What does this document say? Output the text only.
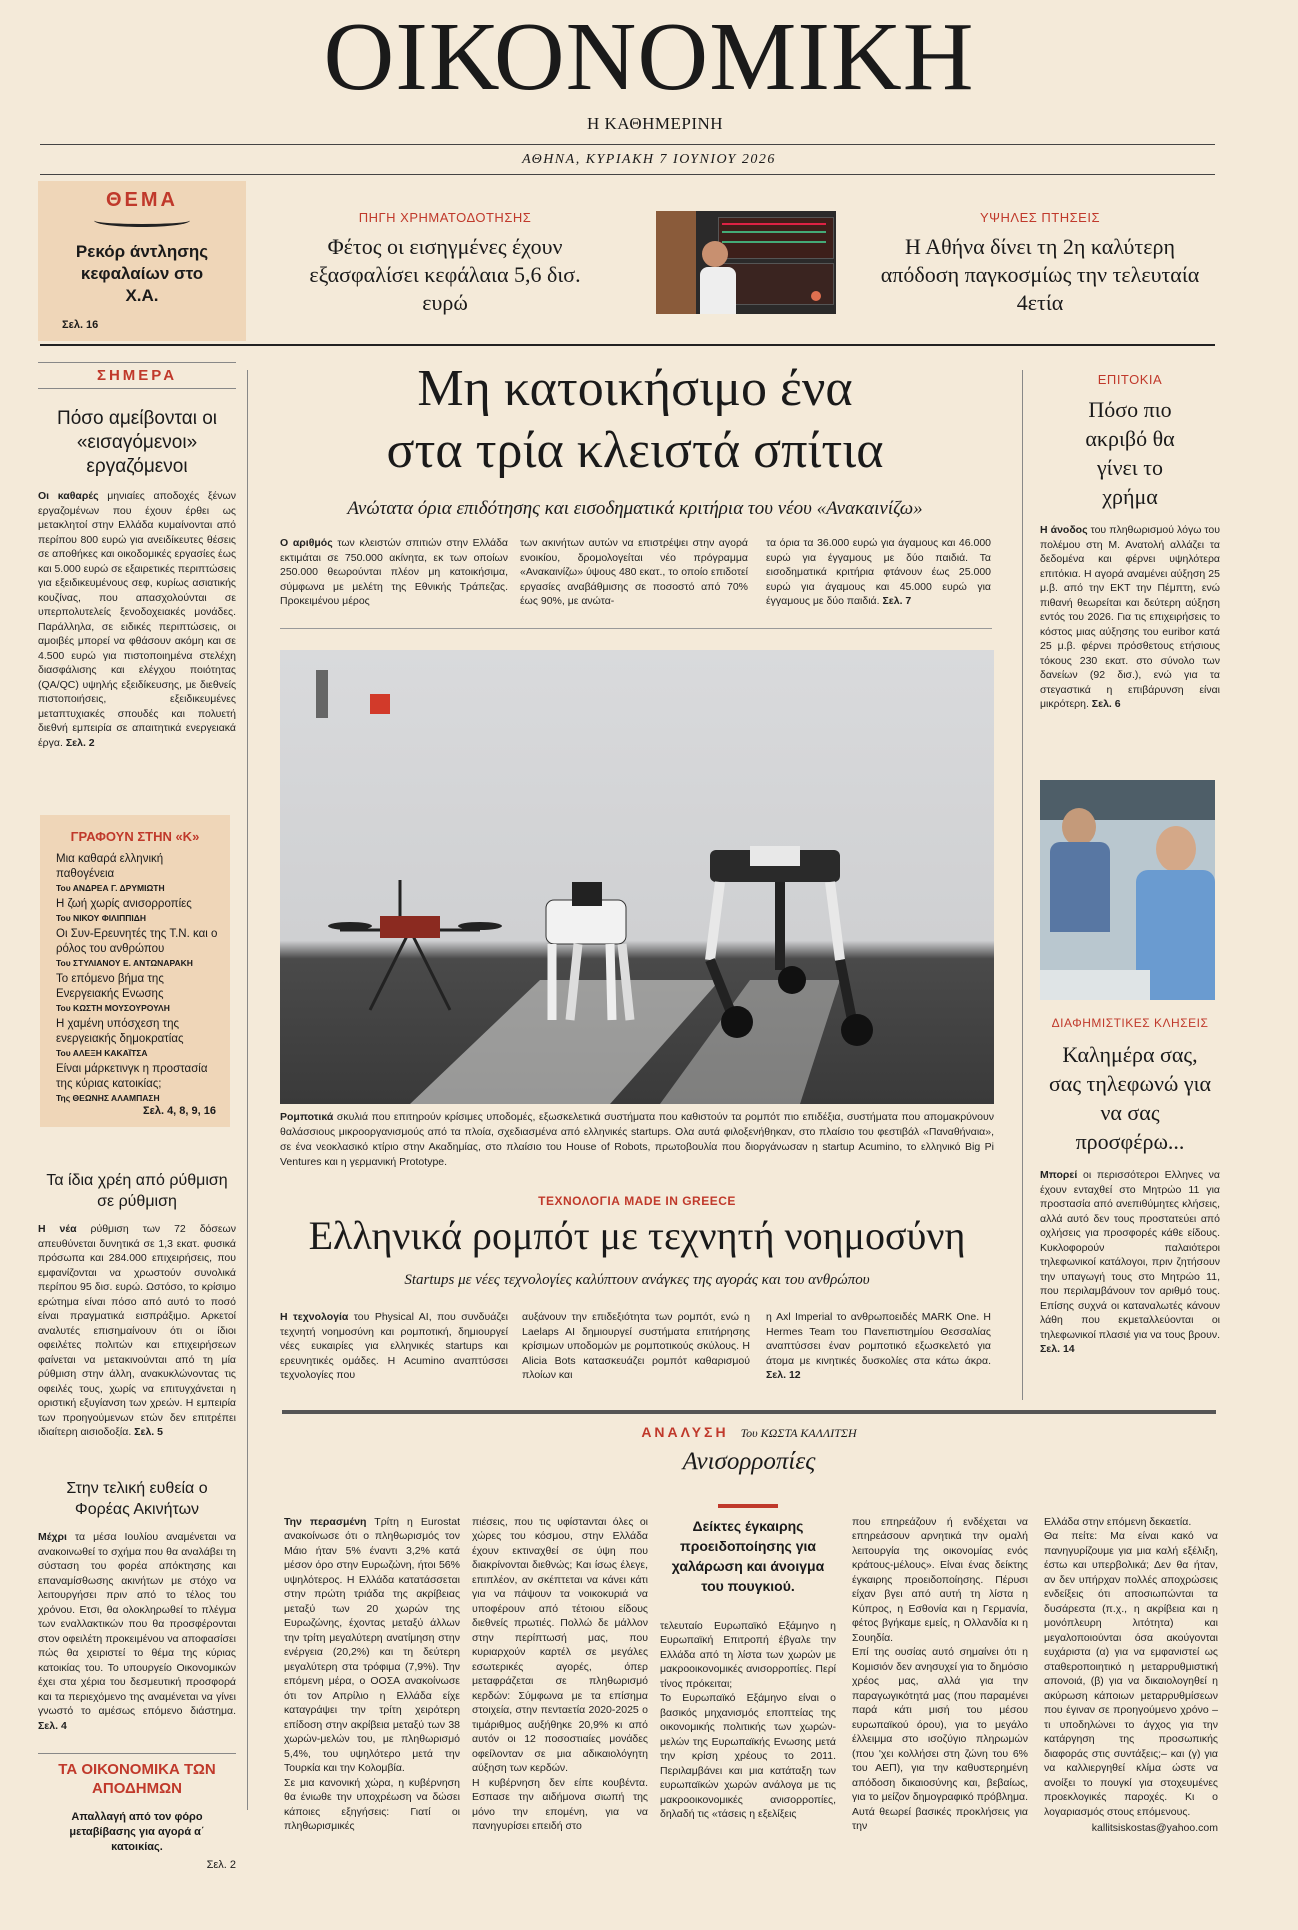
ΟΙΚΟΝΟΜΙΚΗ
Η ΚΑΘΗΜΕΡΙΝΗ
ΑΘΗΝΑ, ΚΥΡΙΑΚΗ 7 ΙΟΥΝΙΟΥ 2026
ΘΕΜΑ
Ρεκόρ άντλησης κεφαλαίων στο Χ.Α.
Σελ. 16
ΠΗΓΗ ΧΡΗΜΑΤΟΔΟΤΗΣΗΣ
Φέτος οι εισηγμένες έχουν εξασφαλίσει κεφάλαια 5,6 δισ. ευρώ
ΥΨΗΛΕΣ ΠΤΗΣΕΙΣ
Η Αθήνα δίνει τη 2η καλύτερη απόδοση παγκοσμίως την τελευταία 4ετία
ΣΗΜΕΡΑ
Πόσο αμείβονται οι «εισαγόμενοι» εργαζόμενοι
Οι καθαρές μηνιαίες αποδοχές ξένων εργαζομένων που έχουν έρθει ως μετακλητοί στην Ελλάδα κυμαίνονται από περίπου 800 ευρώ για ανειδίκευτες θέσεις σε αποθήκες και οικοδομικές εργασίες έως και 5.000 ευρώ σε εξαιρετικές περιπτώσεις για εξειδικευμένους σεφ, κυρίως ασιατικής κουζίνας, που απασχολούνται σε υπερπολυτελείς ξενοδοχειακές μονάδες. Παράλληλα, σε ειδικές περιπτώσεις, οι αμοιβές μπορεί να φθάσουν ακόμη και σε 4.500 ευρώ για πιστοποιημένα στελέχη διασφάλισης και ελέγχου ποιότητας (QA/QC) υψηλής εξειδίκευσης, με διεθνείς πιστοποιήσεις, εξειδικευμένες μεταπτυχιακές σπουδές και πολυετή διεθνή εμπειρία σε απαιτητικά ενεργειακά έργα. Σελ. 2
ΓΡΑΦΟΥΝ ΣΤΗΝ «Κ»
Μια καθαρά ελληνική παθογένεια
Του ΑΝΔΡΕΑ Γ. ΔΡΥΜΙΩΤΗ
Η ζωή χωρίς ανισορροπίες
Του ΝΙΚΟΥ ΦΙΛΙΠΠΙΔΗ
Οι Συν-Ερευνητές της Τ.Ν. και ο ρόλος του ανθρώπου
Του ΣΤΥΛΙΑΝΟΥ Ε. ΑΝΤΩΝΑΡΑΚΗ
Το επόμενο βήμα της Ενεργειακής Ενωσης
Του ΚΩΣΤΗ ΜΟΥΣΟΥΡΟΥΛΗ
Η χαμένη υπόσχεση της ενεργειακής δημοκρατίας
Του ΑΛΕΞΗ ΚΑΚΑΪΤΣΑ
Είναι μάρκετινγκ η προστασία της κύριας κατοικίας;
Της ΘΕΩΝΗΣ ΑΛΑΜΠΑΣΗ
Σελ. 4, 8, 9, 16
Τα ίδια χρέη από ρύθμιση σε ρύθμιση
Η νέα ρύθμιση των 72 δόσεων απευθύνεται δυνητικά σε 1,3 εκατ. φυσικά πρόσωπα και 284.000 επιχειρήσεις, που εμφανίζονται να χρωστούν συνολικά περίπου 95 δισ. ευρώ. Ωστόσο, το κρίσιμο ερώτημα είναι πόσο από αυτό το ποσό είναι πραγματικά εισπράξιμο. Αρκετοί αναλυτές επισημαίνουν ότι οι ίδιοι οφειλέτες πολιτών και επιχειρήσεων φαίνεται να μετακινούνται από τη μία ρύθμιση στην άλλη, ανακυκλώνοντας τις οφειλές τους, χωρίς να επιτυγχάνεται η οριστική εξυγίανση των χρεών. Η εμπειρία των προηγούμενων ετών δεν επιτρέπει ιδιαίτερη αισιοδοξία. Σελ. 5
Στην τελική ευθεία ο Φορέας Ακινήτων
Μέχρι τα μέσα Ιουλίου αναμένεται να ανακοινωθεί το σχήμα που θα αναλάβει τη σύσταση του φορέα απόκτησης και επαναμίσθωσης ακινήτων με στόχο να λειτουργήσει πριν από το τέλος του χρόνου. Ετσι, θα ολοκληρωθεί το πλέγμα των εναλλακτικών που θα προσφέρονται στον οφειλέτη προκειμένου να αποφασίσει πώς θα χειριστεί το θέμα της κύριας κατοικίας του. Το υπουργείο Οικονομικών έχει στα χέρια του δεσμευτική προσφορά και τα περιεχόμενο της αναμένεται να γίνει γνωστό το αμέσως επόμενο διάστημα. Σελ. 4
ΤΑ ΟΙΚΟΝΟΜΙΚΑ ΤΩΝ ΑΠΟΔΗΜΩΝ
Απαλλαγή από τον φόρο μεταβίβασης για αγορά α΄ κατοικίας.
Σελ. 2
Μη κατοικήσιμο ένα
στα τρία κλειστά σπίτια
Ανώτατα όρια επιδότησης και εισοδηματικά κριτήρια του νέου «Ανακαινίζω»
Ο αριθμός των κλειστών σπιτιών στην Ελλάδα εκτιμάται σε 750.000 ακίνητα, εκ των οποίων 250.000 θεωρούνται πλέον μη κατοικήσιμα, σύμφωνα με μελέτη της Εθνικής Τράπεζας. Προκειμένου μέρος
των ακινήτων αυτών να επιστρέψει στην αγορά ενοικίου, δρομολογείται νέο πρόγραμμα «Ανακαινίζω» ύψους 480 εκατ., το οποίο επιδοτεί εργασίες αναβάθμισης σε ποσοστό από 70% έως 90%, με ανώτα-
τα όρια τα 36.000 ευρώ για άγαμους και 46.000 ευρώ για έγγαμους με δύο παιδιά. Τα εισοδηματικά κριτήρια φτάνουν έως 25.000 ευρώ για άγαμους και 45.000 ευρώ για έγγαμους με δύο παιδιά. Σελ. 7
Ρομποτικά σκυλιά που επιτηρούν κρίσιμες υποδομές, εξωσκελετικά συστήματα που καθιστούν τα ρομπότ πιο επιδέξια, συστήματα που απομακρύνουν θαλάσσιους μικροοργανισμούς από τα πλοία, σχεδιασμένα από ελληνικές startups. Ολα αυτά φιλοξενήθηκαν, στο πλαίσιο του φεστιβάλ «Παναθήναια», σε ένα νεοκλασικό κτίριο στην Ακαδημίας, στο πλαίσιο του House of Robots, πρωτοβουλία που διοργάνωσαν η startup Acumino, το ελληνικό Big Pi Ventures και η γερμανική Prototype.
ΤΕΧΝΟΛΟΓΙΑ MADE IN GREECE
Ελληνικά ρομπότ με τεχνητή νοημοσύνη
Startups με νέες τεχνολογίες καλύπτουν ανάγκες της αγοράς και του ανθρώπου
Η τεχνολογία του Physical AI, που συνδυάζει τεχνητή νοημοσύνη και ρομποτική, δημιουργεί νέες ευκαιρίες για ελληνικές startups και ερευνητικές ομάδες. Η Acumino αναπτύσσει τεχνολογίες που
αυξάνουν την επιδεξιότητα των ρομπότ, ενώ η Laelaps AI δημιουργεί συστήματα επιτήρησης κρίσιμων υποδομών με ρομποτικούς σκύλους. Η Alicia Bots κατασκευάζει ρομπότ καθαρισμού πλοίων και
η Axl Imperial το ανθρωποειδές MARK One. Η Hermes Team του Πανεπιστημίου Θεσσαλίας αναπτύσσει έναν ρομποτικό εξωσκελετό για άτομα με κινητικές δυσκολίες στα κάτω άκρα. Σελ. 12
ΕΠΙΤΟΚΙΑ
Πόσο πιο ακριβό θα γίνει το χρήμα
Η άνοδος του πληθωρισμού λόγω του πολέμου στη Μ. Ανατολή αλλάζει τα δεδομένα και φέρνει υψηλότερα επιτόκια. Η αγορά αναμένει αύξηση 25 μ.β. από την ΕΚΤ την Πέμπτη, ενώ πιθανή θεωρείται και δεύτερη αύξηση εντός του 2026. Για τις επιχειρήσεις το κόστος μιας αύξησης του euribor κατά 25 μ.β. φέρνει πρόσθετους ετήσιους τόκους 230 εκατ. στο σύνολο των δανείων (92 δισ.), ενώ για τα στεγαστικά η επιβάρυνση είναι μικρότερη. Σελ. 6
ΔΙΑΦΗΜΙΣΤΙΚΕΣ ΚΛΗΣΕΙΣ
Καλημέρα σας, σας τηλεφωνώ για να σας προσφέρω...
Μπορεί οι περισσότεροι Ελληνες να έχουν ενταχθεί στο Μητρώο 11 για προστασία από ανεπιθύμητες κλήσεις, αλλά αυτό δεν τους προστατεύει από οχλήσεις για προσφορές κάθε είδους. Κυκλοφορούν παλαιότεροι τηλεφωνικοί κατάλογοι, πριν ζητήσουν την υπαγωγή τους στο Μητρώο 11, που περιλαμβάνουν τον αριθμό τους. Επίσης συχνά οι καταναλωτές κάνουν λάθη που εκμεταλλεύονται οι τηλεφωνικοί πλασιέ για να τους βρουν. Σελ. 14
ΑΝΑΛΥΣΗ Του ΚΩΣΤΑ ΚΑΛΛΙΤΣΗ
Ανισορροπίες

Την περασμένη Τρίτη η Eurostat ανακοίνωσε ότι ο πληθωρισμός τον Μάιο ήταν 5% έναντι 3,2% κατά μέσον όρο στην Ευρωζώνη, ήτοι 56% υψηλότερος. Η Ελλάδα κατατάσσεται στην πρώτη τριάδα της ακρίβειας μεταξύ των 20 χωρών της Ευρωζώνης, έχοντας μεταξύ άλλων την τρίτη μεγαλύτερη ανατίμηση στην ενέργεια (20,2%) και τη δεύτερη μεγαλύτερη στα τρόφιμα (7,9%). Την επόμενη μέρα, ο ΟΟΣΑ ανακοίνωσε ότι τον Απρίλιο η Ελλάδα είχε καταγράψει την τρίτη χειρότερη επίδοση στην ακρίβεια μεταξύ των 38 χωρών-μελών του, με πληθωρισμό 5,4%, του υψηλότερο μετά την Τουρκία και την Κολομβία.
Σε μια κανονική χώρα, η κυβέρνηση θα ένιωθε την υποχρέωση να δώσει κάποιες εξηγήσεις: Γιατί οι πληθωρισμικές

πιέσεις, που τις υφίστανται όλες οι χώρες του κόσμου, στην Ελλάδα έχουν εκτιναχθεί σε ύψη που διακρίνονται διεθνώς; Και ίσως έλεγε, επιπλέον, αν σκέπτεται να κάνει κάτι για να πάψουν τα νοικοκυριά να υποφέρουν από τέτοιου είδους διεθνείς πρωτιές. Πολλώ δε μάλλον στην περίπτωσή μας, που κυριαρχούν καρτέλ σε μεγάλες εσωτερικές αγορές, όπερ μεταφράζεται σε πληθωρισμό κερδών: Σύμφωνα με τα επίσημα στοιχεία, στην πενταετία 2020-2025 ο τιμάριθμος αυξήθηκε 20,9% κι από αυτόν οι 12 ποσοστιαίες μονάδες οφείλονταν σε μια αδικαιολόγητη αύξηση των κερδών.
Η κυβέρνηση δεν είπε κουβέντα. Εσπασε την αιδήμονα σιωπή της μόνο την επομένη, για να πανηγυρίσει επειδή στο

Δείκτες έγκαιρης προειδοποίησης για χαλάρωση και άνοιγμα του πουγκιού.

τελευταίο Ευρωπαϊκό Εξάμηνο η Ευρωπαϊκή Επιτροπή έβγαλε την Ελλάδα από τη λίστα των χωρών με μακροοικονομικές ανισορροπίες. Περί τίνος πρόκειται;
Το Ευρωπαϊκό Εξάμηνο είναι ο βασικός μηχανισμός εποπτείας της οικονομικής πολιτικής των χωρών-μελών της Ευρωπαϊκής Ενωσης μετά την κρίση χρέους το 2011. Περιλαμβάνει και μια κατάταξη των ευρωπαϊκών χωρών ανάλογα με τις μακροοικονομικές ανισορροπίες, δηλαδή τις «τάσεις η εξελίξεις

που επηρεάζουν ή ενδέχεται να επηρεάσουν αρνητικά την ομαλή λειτουργία της οικονομίας ενός κράτους-μέλους». Είναι ένας δείκτης έγκαιρης προειδοποίησης. Πέρυσι είχαν βγει από αυτή τη λίστα η Κύπρος, η Εσθονία και η Γερμανία, φέτος βγήκαμε εμείς, η Ολλανδία κι η Σουηδία.
Επί της ουσίας αυτό σημαίνει ότι η Κομισιόν δεν ανησυχεί για το δημόσιο χρέος μας, αλλά για την παραγωγικότητά μας (που παραμένει παρά κάτι μισή του μέσου ευρωπαϊκού όρου), για το μεγάλο έλλειμμα στο ισοζύγιο πληρωμών (που 'χει κολλήσει στη ζώνη του 6% του ΑΕΠ), για την καθυστερημένη απόδοση δικαιοσύνης και, βεβαίως, για το μείζον δημογραφικό πρόβλημα. Αυτά θεωρεί βασικές προκλήσεις για την

Ελλάδα στην επόμενη δεκαετία.
Θα πείτε: Μα είναι κακό να πανηγυρίζουμε για μια καλή εξέλιξη, έστω και υπερβολικά; Δεν θα ήταν, αν δεν υπήρχαν πολλές αποχρώσεις ενδείξεις ότι αποσιωπώνται τα δυσάρεστα (π.χ., η ακρίβεια και η μονόπλευρη λιτότητα) και μεγαλοποιούνται όσα ακούγονται ευχάριστα (α) για να εμφανιστεί ως σταθεροποιητικό η μεταρρυθμιστική απονοιά, (β) για να δικαιολογηθεί η ακύρωση κάποιων μεταρρυθμίσεων που έγιναν σε προηγούμενο χρόνο – τι υποδηλώνει το άγχος για την κατάργηση της προσωπικής διαφοράς στις συντάξεις;– και (γ) για να καλλιεργηθεί κλίμα ώστε να ανοίξει το πουγκί για στοχευμένες προεκλογικές παροχές. Κι ο λογαριασμός στους επόμενους.

kallitsiskostas@yahoo.com
